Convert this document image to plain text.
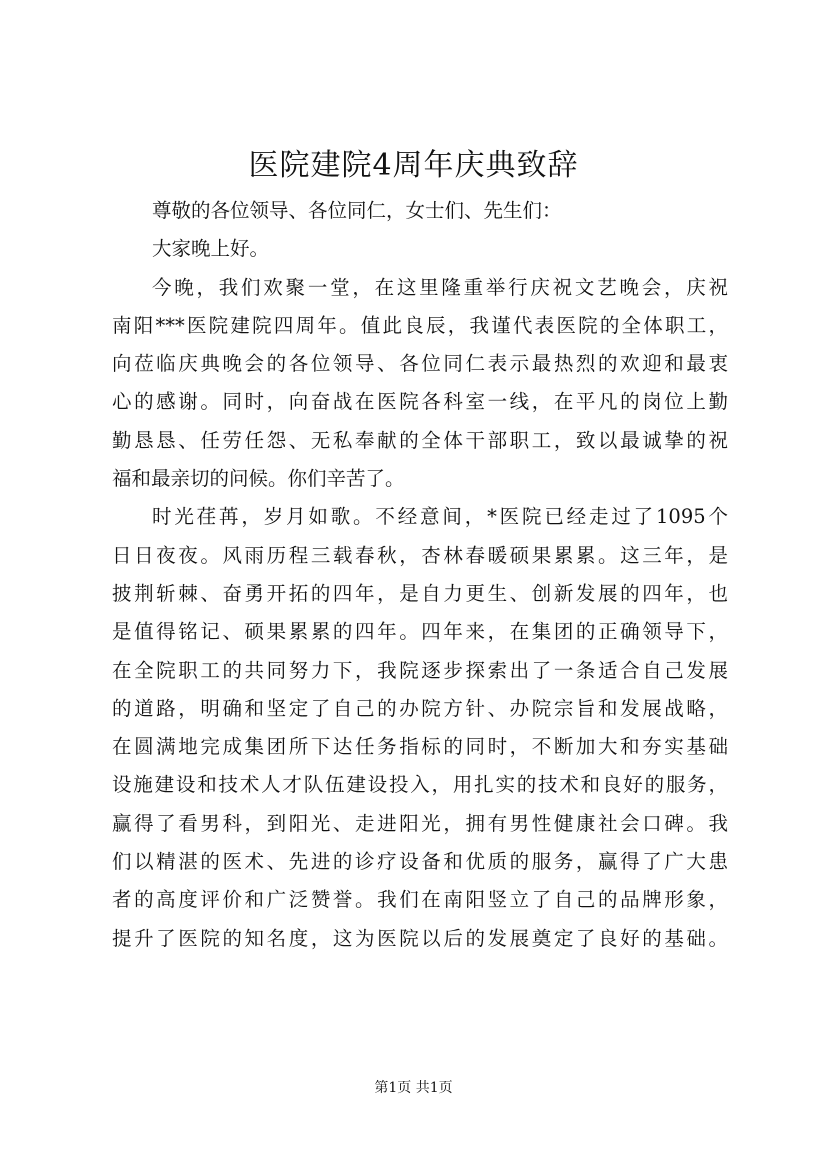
医院建院4周年庆典致辞
尊敬的各位领导、各位同仁，女士们、先生们：
大家晚上好。
今晚，我们欢聚一堂，在这里隆重举行庆祝文艺晚会，庆祝
南阳***医院建院四周年。值此良辰，我谨代表医院的全体职工，
向莅临庆典晚会的各位领导、各位同仁表示最热烈的欢迎和最衷
心的感谢。同时，向奋战在医院各科室一线，在平凡的岗位上勤
勤恳恳、任劳任怨、无私奉献的全体干部职工，致以最诚挚的祝
福和最亲切的问候。你们辛苦了。
时光荏苒，岁月如歌。不经意间，*医院已经走过了1095个
日日夜夜。风雨历程三载春秋，杏林春暖硕果累累。这三年，是
披荆斩棘、奋勇开拓的四年，是自力更生、创新发展的四年，也
是值得铭记、硕果累累的四年。四年来，在集团的正确领导下，
在全院职工的共同努力下，我院逐步探索出了一条适合自己发展
的道路，明确和坚定了自己的办院方针、办院宗旨和发展战略，
在圆满地完成集团所下达任务指标的同时，不断加大和夯实基础
设施建设和技术人才队伍建设投入，用扎实的技术和良好的服务，
赢得了看男科，到阳光、走进阳光，拥有男性健康社会口碑。我
们以精湛的医术、先进的诊疗设备和优质的服务，赢得了广大患
者的高度评价和广泛赞誉。我们在南阳竖立了自己的品牌形象，
提升了医院的知名度，这为医院以后的发展奠定了良好的基础。
第1页 共1页
